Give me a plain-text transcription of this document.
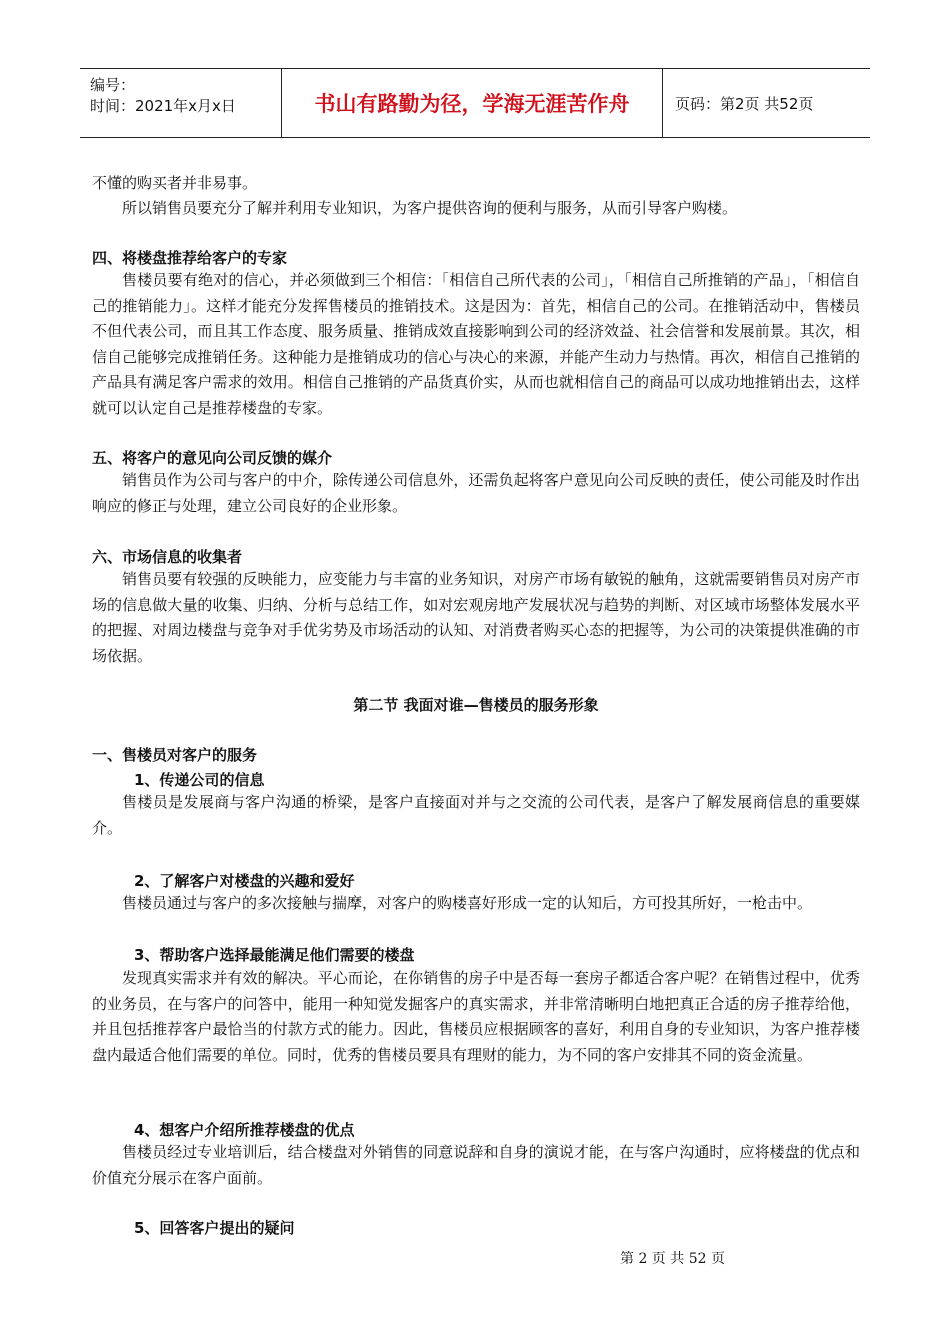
编号：
时间：2021年x月x日	书山有路勤为径，学海无涯苦作舟	页码：第2页 共52页

不懂的购买者并非易事。

所以销售员要充分了解并利用专业知识，为客户提供咨询的便利与服务，从而引导客户购楼。

四、将楼盘推荐给客户的专家

售楼员要有绝对的信心，并必须做到三个相信：「相信自己所代表的公司」，「相信自己所推销的产品」，「相信自己的推销能力」。这样才能充分发挥售楼员的推销技术。这是因为：首先，相信自己的公司。在推销活动中，售楼员不但代表公司，而且其工作态度、服务质量、推销成效直接影响到公司的经济效益、社会信誉和发展前景。其次，相信自己能够完成推销任务。这种能力是推销成功的信心与决心的来源，并能产生动力与热情。再次，相信自己推销的产品具有满足客户需求的效用。相信自己推销的产品货真价实，从而也就相信自己的商品可以成功地推销出去，这样就可以认定自己是推荐楼盘的专家。

五、将客户的意见向公司反馈的媒介

销售员作为公司与客户的中介，除传递公司信息外，还需负起将客户意见向公司反映的责任，使公司能及时作出响应的修正与处理，建立公司良好的企业形象。

六、市场信息的收集者

销售员要有较强的反映能力，应变能力与丰富的业务知识，对房产市场有敏锐的触角，这就需要销售员对房产市场的信息做大量的收集、归纳、分析与总结工作，如对宏观房地产发展状况与趋势的判断、对区域市场整体发展水平的把握、对周边楼盘与竞争对手优劣势及市场活动的认知、对消费者购买心态的把握等，为公司的决策提供准确的市场依据。

第二节 我面对谁—售楼员的服务形象

一、售楼员对客户的服务

1、传递公司的信息

售楼员是发展商与客户沟通的桥梁，是客户直接面对并与之交流的公司代表，是客户了解发展商信息的重要媒介。

2、了解客户对楼盘的兴趣和爱好

售楼员通过与客户的多次接触与揣摩，对客户的购楼喜好形成一定的认知后，方可投其所好，一枪击中。

3、帮助客户选择最能满足他们需要的楼盘

发现真实需求并有效的解决。平心而论，在你销售的房子中是否每一套房子都适合客户呢？在销售过程中，优秀的业务员，在与客户的问答中，能用一种知觉发掘客户的真实需求，并非常清晰明白地把真正合适的房子推荐给他，并且包括推荐客户最恰当的付款方式的能力。因此，售楼员应根据顾客的喜好，利用自身的专业知识，为客户推荐楼盘内最适合他们需要的单位。同时，优秀的售楼员要具有理财的能力，为不同的客户安排其不同的资金流量。

4、想客户介绍所推荐楼盘的优点

售楼员经过专业培训后，结合楼盘对外销售的同意说辞和自身的演说才能，在与客户沟通时，应将楼盘的优点和价值充分展示在客户面前。

5、回答客户提出的疑问

第 2 页 共 52 页
